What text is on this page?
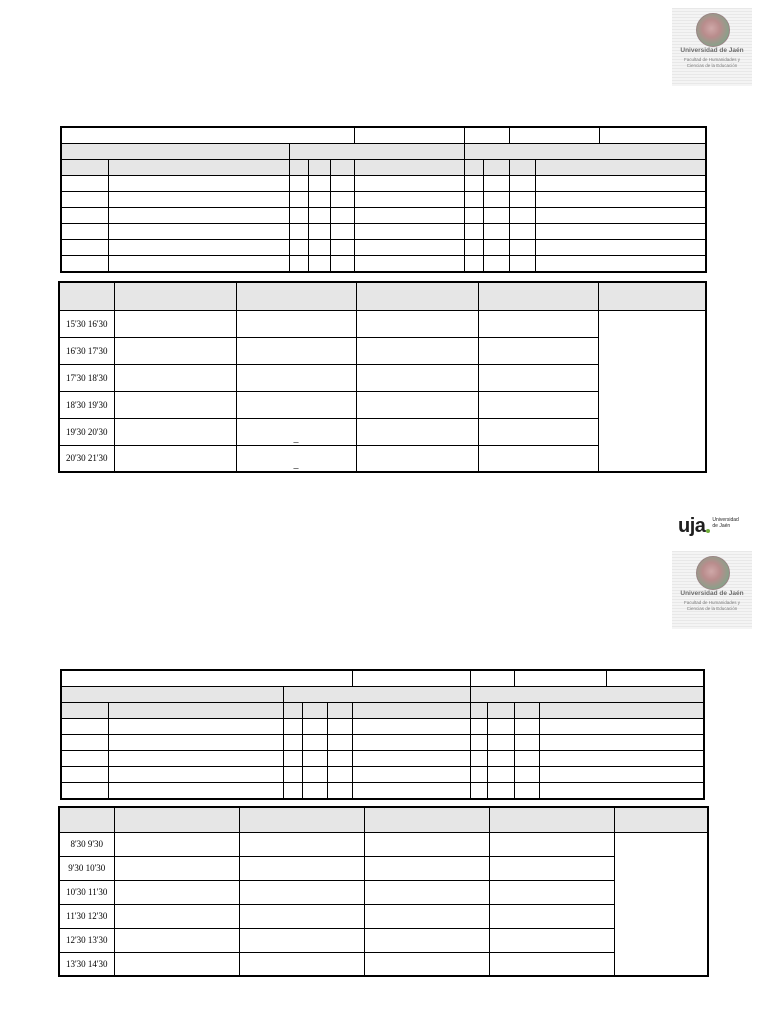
Universidad de Jaén
Facultad de Humanidades y
Ciencias de la Educación

15'30 16'30					
16'30 17'30					
17'30 18'30					
18'30 19'30					
19'30 20'30		_			
20'30 21'30		_			
uja Universidad
de Jaén
Universidad de Jaén
Facultad de Humanidades y
Ciencias de la Educación

8'30 9'30					
9'30 10'30					
10'30 11'30					
11'30 12'30					
12'30 13'30					
13'30 14'30					
